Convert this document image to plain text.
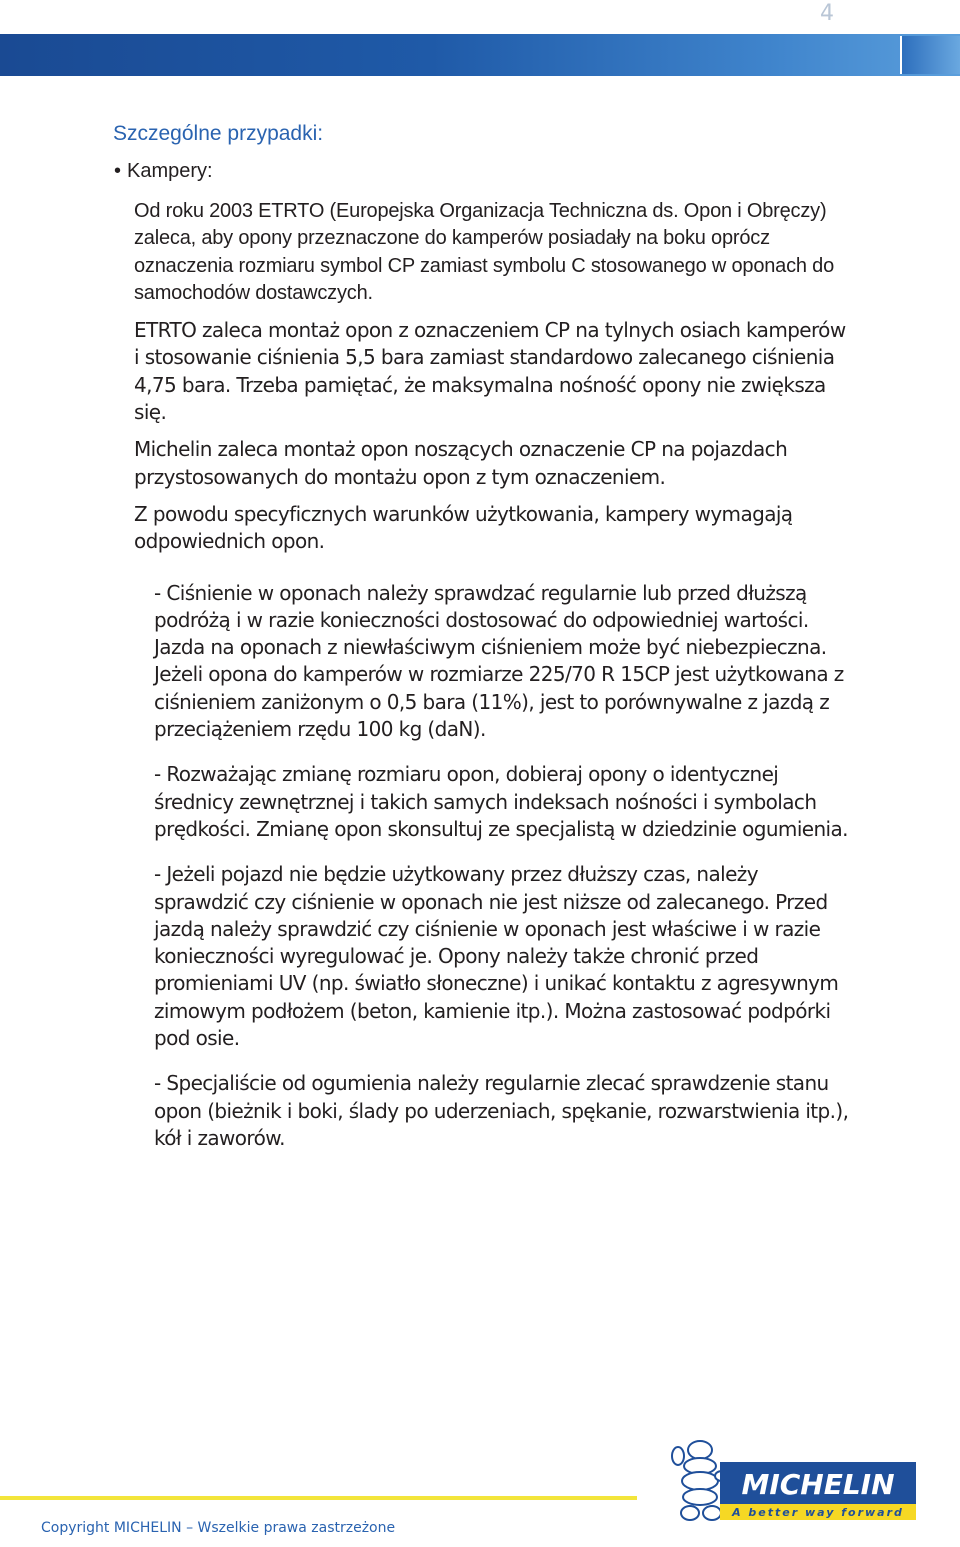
4
Szczególne przypadki:

• Kampery:

Od roku 2003 ETRTO (Europejska Organizacja Techniczna ds. Opon i Obręczy) zaleca, aby opony przeznaczone do kamperów posiadały na boku oprócz oznaczenia rozmiaru symbol CP zamiast symbolu C stosowanego w oponach do samochodów dostawczych.

ETRTO zaleca montaż opon z oznaczeniem CP na tylnych osiach kamperów i stosowanie ciśnienia 5,5 bara zamiast standardowo zalecanego ciśnienia 4,75 bara. Trzeba pamiętać, że maksymalna nośność opony nie zwiększa się.

Michelin zaleca montaż opon noszących oznaczenie CP na pojazdach przystosowanych do montażu opon z tym oznaczeniem.

Z powodu specyficznych warunków użytkowania, kampery wymagają odpowiednich opon.

- Ciśnienie w oponach należy sprawdzać regularnie lub przed dłuższą podróżą i w razie konieczności dostosować do odpowiedniej wartości. Jazda na oponach z niewłaściwym ciśnieniem może być niebezpieczna. Jeżeli opona do kamperów w rozmiarze 225/70 R 15CP jest użytkowana z ciśnieniem zaniżonym o 0,5 bara (11%), jest to porównywalne z jazdą z przeciążeniem rzędu 100 kg (daN).

- Rozważając zmianę rozmiaru opon, dobieraj opony o identycznej średnicy zewnętrznej i takich samych indeksach nośności i symbolach prędkości. Zmianę opon skonsultuj ze specjalistą w dziedzinie ogumienia.

- Jeżeli pojazd nie będzie użytkowany przez dłuższy czas, należy sprawdzić czy ciśnienie w oponach nie jest niższe od zalecanego. Przed jazdą należy sprawdzić czy ciśnienie w oponach jest właściwe i w razie konieczności wyregulować je. Opony należy także chronić przed promieniami UV (np. światło słoneczne) i unikać kontaktu z agresywnym zimowym podłożem (beton, kamienie itp.). Można zastosować podpórki pod osie.

- Specjaliście od ogumienia należy regularnie zlecać sprawdzenie stanu opon (bieżnik i boki, ślady po uderzeniach, spękanie, rozwarstwienia itp.), kół i zaworów.

Copyright MICHELIN – Wszelkie prawa zastrzeżone
MICHELIN
A better way forward
